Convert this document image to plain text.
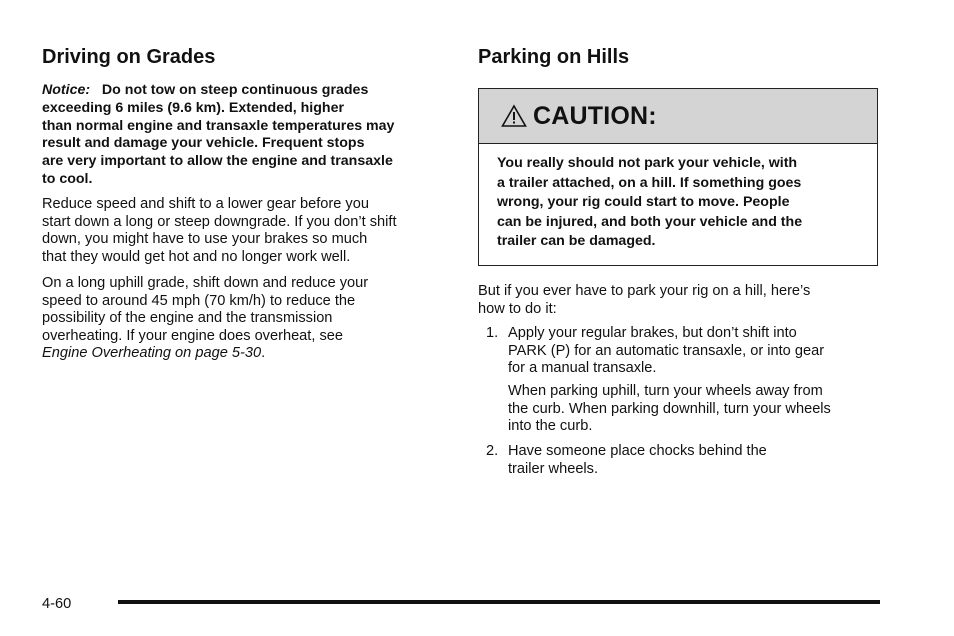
Driving on Grades

Notice: Do not tow on steep continuous grades
exceeding 6 miles (9.6 km). Extended, higher
than normal engine and transaxle temperatures may
result and damage your vehicle. Frequent stops
are very important to allow the engine and transaxle
to cool.

Reduce speed and shift to a lower gear before you
start down a long or steep downgrade. If you don’t shift
down, you might have to use your brakes so much
that they would get hot and no longer work well.

On a long uphill grade, shift down and reduce your
speed to around 45 mph (70 km/h) to reduce the
possibility of the engine and the transmission
overheating. If your engine does overheat, see
Engine Overheating on page 5-30.

Parking on Hills
CAUTION:
You really should not park your vehicle, with
a trailer attached, on a hill. If something goes
wrong, your rig could start to move. People
can be injured, and both your vehicle and the
trailer can be damaged.

But if you ever have to park your rig on a hill, here’s
how to do it:

1. Apply your regular brakes, but don’t shift into
PARK (P) for an automatic transaxle, or into gear
for a manual transaxle.
When parking uphill, turn your wheels away from
the curb. When parking downhill, turn your wheels
into the curb.
2. Have someone place chocks behind the
trailer wheels.
4-60
